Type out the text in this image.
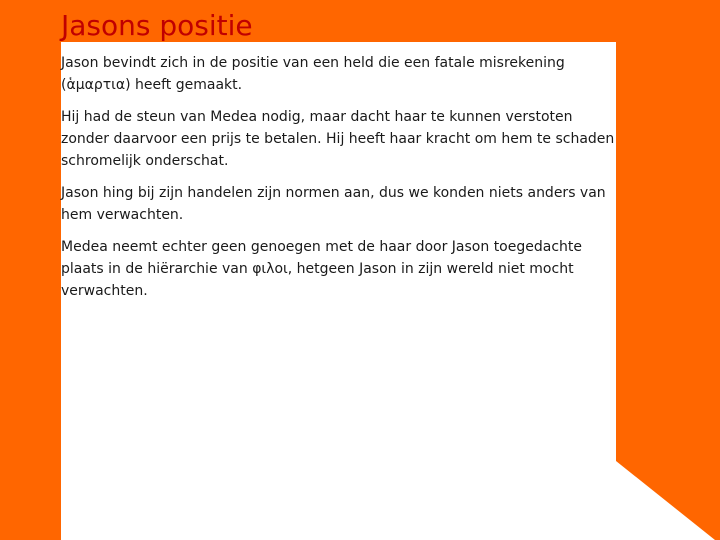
Jasons positie

Jason bevindt zich in de positie van een held die een fatale misrekening (ἁμαρτια) heeft gemaakt.

Hij had de steun van Medea nodig, maar dacht haar te kunnen verstoten zonder daarvoor een prijs te betalen. Hij heeft haar kracht om hem te schaden schromelijk onderschat.

Jason hing bij zijn handelen zijn normen aan, dus we konden niets anders van hem verwachten.

Medea neemt echter geen genoegen met de haar door Jason toegedachte plaats in de hiërarchie van φιλοι, hetgeen Jason in zijn wereld niet mocht verwachten.
